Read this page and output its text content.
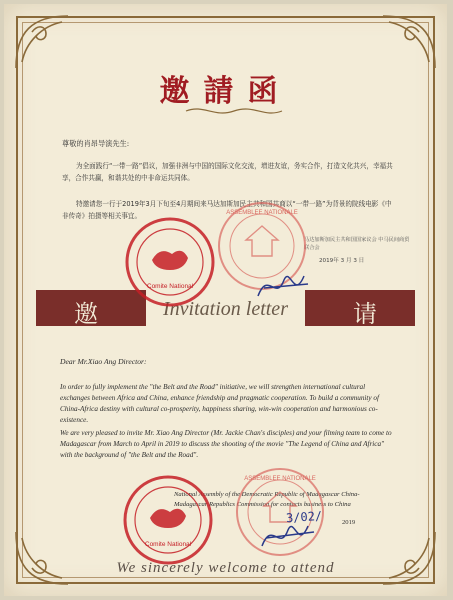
邀請函
尊敬的肖昂导演先生:
为全面践行“一带一路”倡议，加强非洲与中国的国际文化交流，增进友谊，务实合作，打造文化共兴，幸福共享，合作共赢，和谐共处的中非命运共同体。
特邀请您一行于2019年3月下旬至4月期间来马达加斯加民主共和国共商以“一带一路”为背景的院线电影《中非传奇》拍摄等相关事宜。
马达加斯加民主共和国国家议会 中马民间商贸联合会
2019年 3 月 3 日
邀	请
Invitation letter
Dear Mr.Xiao Ang Director:
In order to fully implement the "the Belt and the Road" initiative, we will strengthen international cultural exchanges between Africa and China, enhance friendship and pragmatic cooperation. To build a community of China-Africa destiny with cultural co-prosperity, happiness sharing, win-win cooperation and harmonious co-existence.
We are very pleased to invite Mr. Xiao Ang Director (Mr. Jackie Chan's disciples) and your filming team to come to Madagascar from March to April in 2019 to discuss the shooting of the movie "The Legend of China and Africa" with the background of "the Belt and the Road".
National Assembly of the Democratic Republic of Madagascar China-Madagascar Republics Commission for contacts business to China
2019
Comite National
ASSEMBLEE NATIONALE
Comite National
ASSEMBLEE NATIONALE
3/02/
We sincerely welcome to attend
